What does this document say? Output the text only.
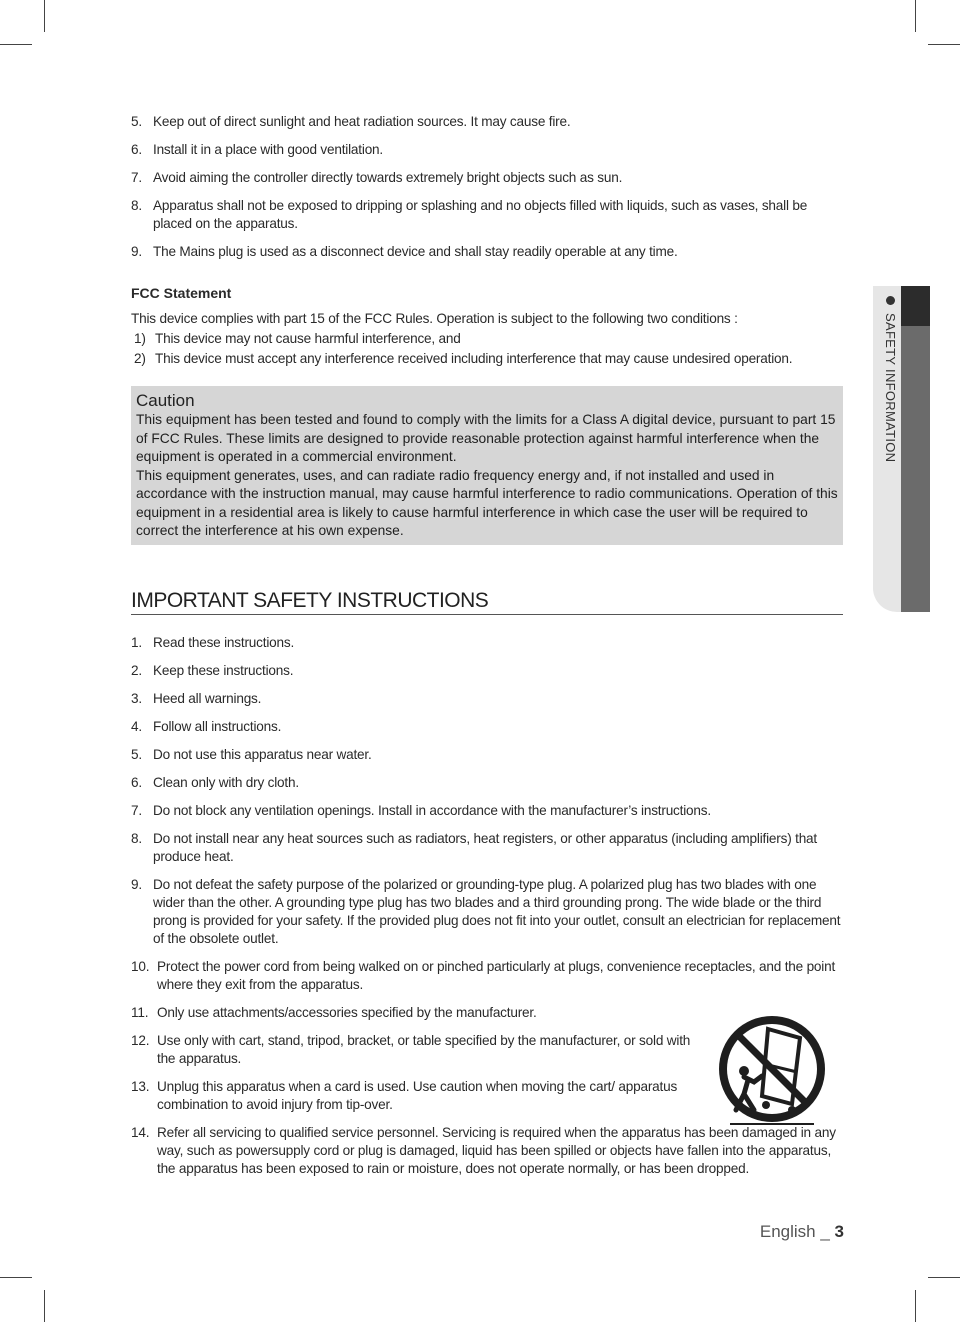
SAFETY INFORMATION
5. Keep out of direct sunlight and heat radiation sources. It may cause fire.
6. Install it in a place with good ventilation.
7. Avoid aiming the controller directly towards extremely bright objects such as sun.
8. Apparatus shall not be exposed to dripping or splashing and no objects filled with liquids, such as vases, shall be placed on the apparatus.
9. The Mains plug is used as a disconnect device and shall stay readily operable at any time.
FCC Statement
This device complies with part 15 of the FCC Rules. Operation is subject to the following two conditions :
1) This device may not cause harmful interference, and
2) This device must accept any interference received including interference that may cause undesired operation.
Caution

This equipment has been tested and found to comply with the limits for a Class A digital device, pursuant to part 15 of FCC Rules. These limits are designed to provide reasonable protection against harmful interference when the equipment is operated in a commercial environment.

This equipment generates, uses, and can radiate radio frequency energy and, if not installed and used in accordance with the instruction manual, may cause harmful interference to radio communications. Operation of this equipment in a residential area is likely to cause harmful interference in which case the user will be required to correct the interference at his own expense.

IMPORTANT SAFETY INSTRUCTIONS
1. Read these instructions.
2. Keep these instructions.
3. Heed all warnings.
4. Follow all instructions.
5. Do not use this apparatus near water.
6. Clean only with dry cloth.
7. Do not block any ventilation openings. Install in accordance with the manufacturer’s instructions.
8. Do not install near any heat sources such as radiators, heat registers, or other apparatus (including amplifiers) that produce heat.
9. Do not defeat the safety purpose of the polarized or grounding-type plug. A polarized plug has two blades with one wider than the other. A grounding type plug has two blades and a third grounding prong. The wide blade or the third prong is provided for your safety. If the provided plug does not fit into your outlet, consult an electrician for replacement of the obsolete outlet.
10. Protect the power cord from being walked on or pinched particularly at plugs, convenience receptacles, and the point where they exit from the apparatus.
11. Only use attachments/accessories specified by the manufacturer.
12. Use only with cart, stand, tripod, bracket, or table specified by the manufacturer, or sold with the apparatus.
13. Unplug this apparatus when a card is used. Use caution when moving the cart/ apparatus combination to avoid injury from tip-over.
14. Refer all servicing to qualified service personnel. Servicing is required when the apparatus has been damaged in any way, such as powersupply cord or plug is damaged, liquid has been spilled or objects have fallen into the apparatus, the apparatus has been exposed to rain or moisture, does not operate normally, or has been dropped.
English _ 3
